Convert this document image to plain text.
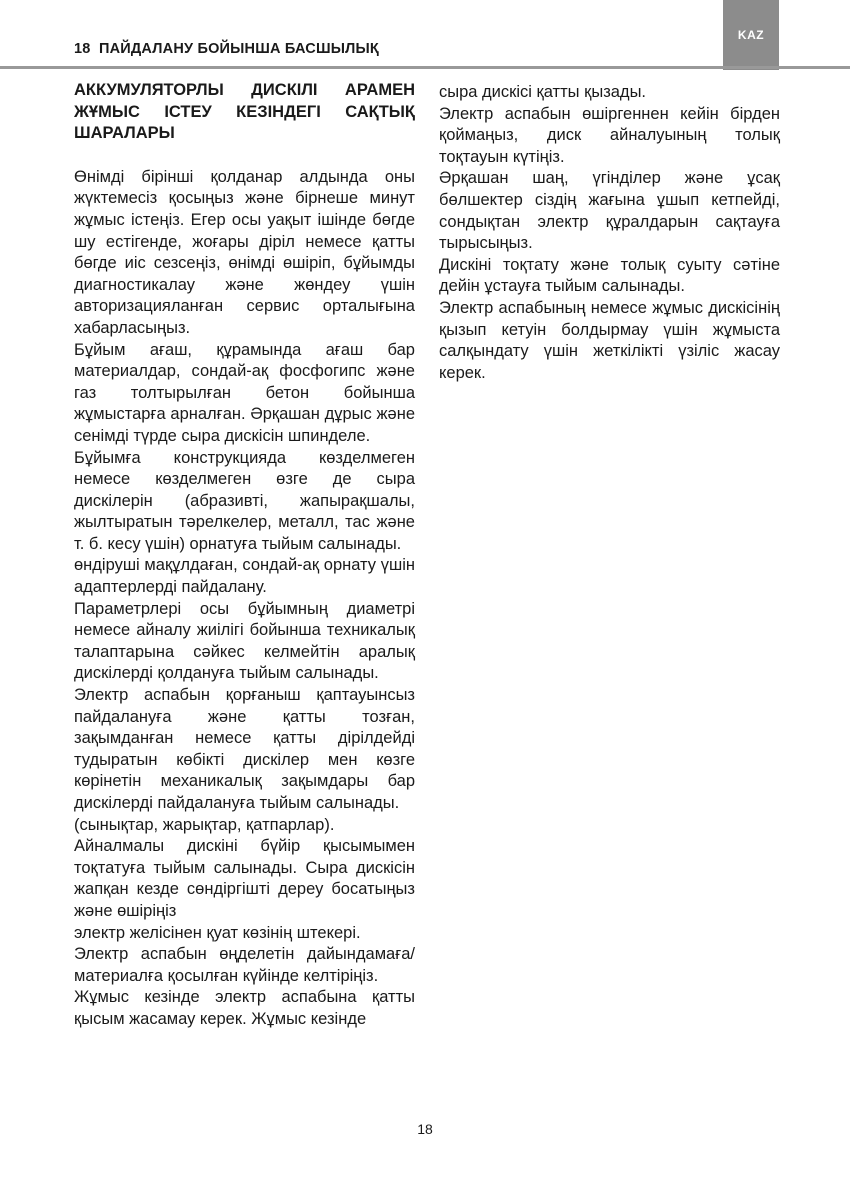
KAZ
18  ПАЙДАЛАНУ БОЙЫНША БАСШЫЛЫҚ
АККУМУЛЯТОРЛЫ ДИСКІЛІ АРАМЕН ЖҰМЫС ІСТЕУ КЕЗІНДЕГІ САҚТЫҚ ШАРАЛАРЫ

Өнімді бірінші қолданар алдында оны жүктемесіз қосыңыз және бірнеше минут жұмыс істеңіз. Егер осы уақыт ішінде бөгде шу естігенде, жоғары діріл немесе қатты бөгде иіс сезсеңіз, өнімді өшіріп, бұйымды диагностикалау және жөндеу үшін авторизацияланған сервис орталығына хабарласыңыз.

Бұйым ағаш, құрамында ағаш бар материалдар, сондай-ақ фосфогипс және газ толтырылған бетон бойынша жұмыстарға арналған. Әрқашан дұрыс және сенімді түрде сыра дискісін шпинделе.

Бұйымға конструкцияда көзделмеген немесе көзделмеген өзге де сыра дискілерін (абразивті, жапырақшалы, жылтыратын тәрелкелер, металл, тас және т. б. кесу үшін) орнатуға тыйым салынады.

өндіруші мақұлдаған, сондай-ақ орнату үшін адаптерлерді пайдалану.

Параметрлері осы бұйымның диаметрі немесе айналу жиілігі бойынша техникалық талаптарына сәйкес келмейтін аралық дискілерді қолдануға тыйым салынады.

Электр аспабын қорғаныш қаптауынсыз пайдалануға және қатты тозған, зақымданған немесе қатты дірілдейді тудыратын көбікті дискілер мен көзге көрінетін механикалық зақымдары бар дискілерді пайдалануға тыйым салынады.

(сынықтар, жарықтар, қатпарлар).

Айналмалы дискіні бүйір қысымымен тоқтатуға тыйым салынады. Сыра дискісін жапқан кезде сөндіргішті дереу босатыңыз және өшіріңіз

электр желісінен қуат көзінің штекері.

Электр аспабын өңделетін дайындамаға/ материалға қосылған күйінде келтіріңіз.

Жұмыс кезінде электр аспабына қатты қысым жасамау керек. Жұмыс кезінде

сыра дискісі қатты қызады.

Электр аспабын өшіргеннен кейін бірден қоймаңыз, диск айналуының толық тоқтауын күтіңіз.

Әрқашан шаң, үгінділер және ұсақ бөлшектер сіздің жағына ұшып кетпейді, сондықтан электр құралдарын сақтауға тырысыңыз.

Дискіні тоқтату және толық суыту сәтіне дейін ұстауға тыйым салынады.

Электр аспабының немесе жұмыс дискісінің қызып кетуін болдырмау үшін жұмыста салқындату үшін жеткілікті үзіліс жасау керек.

18
